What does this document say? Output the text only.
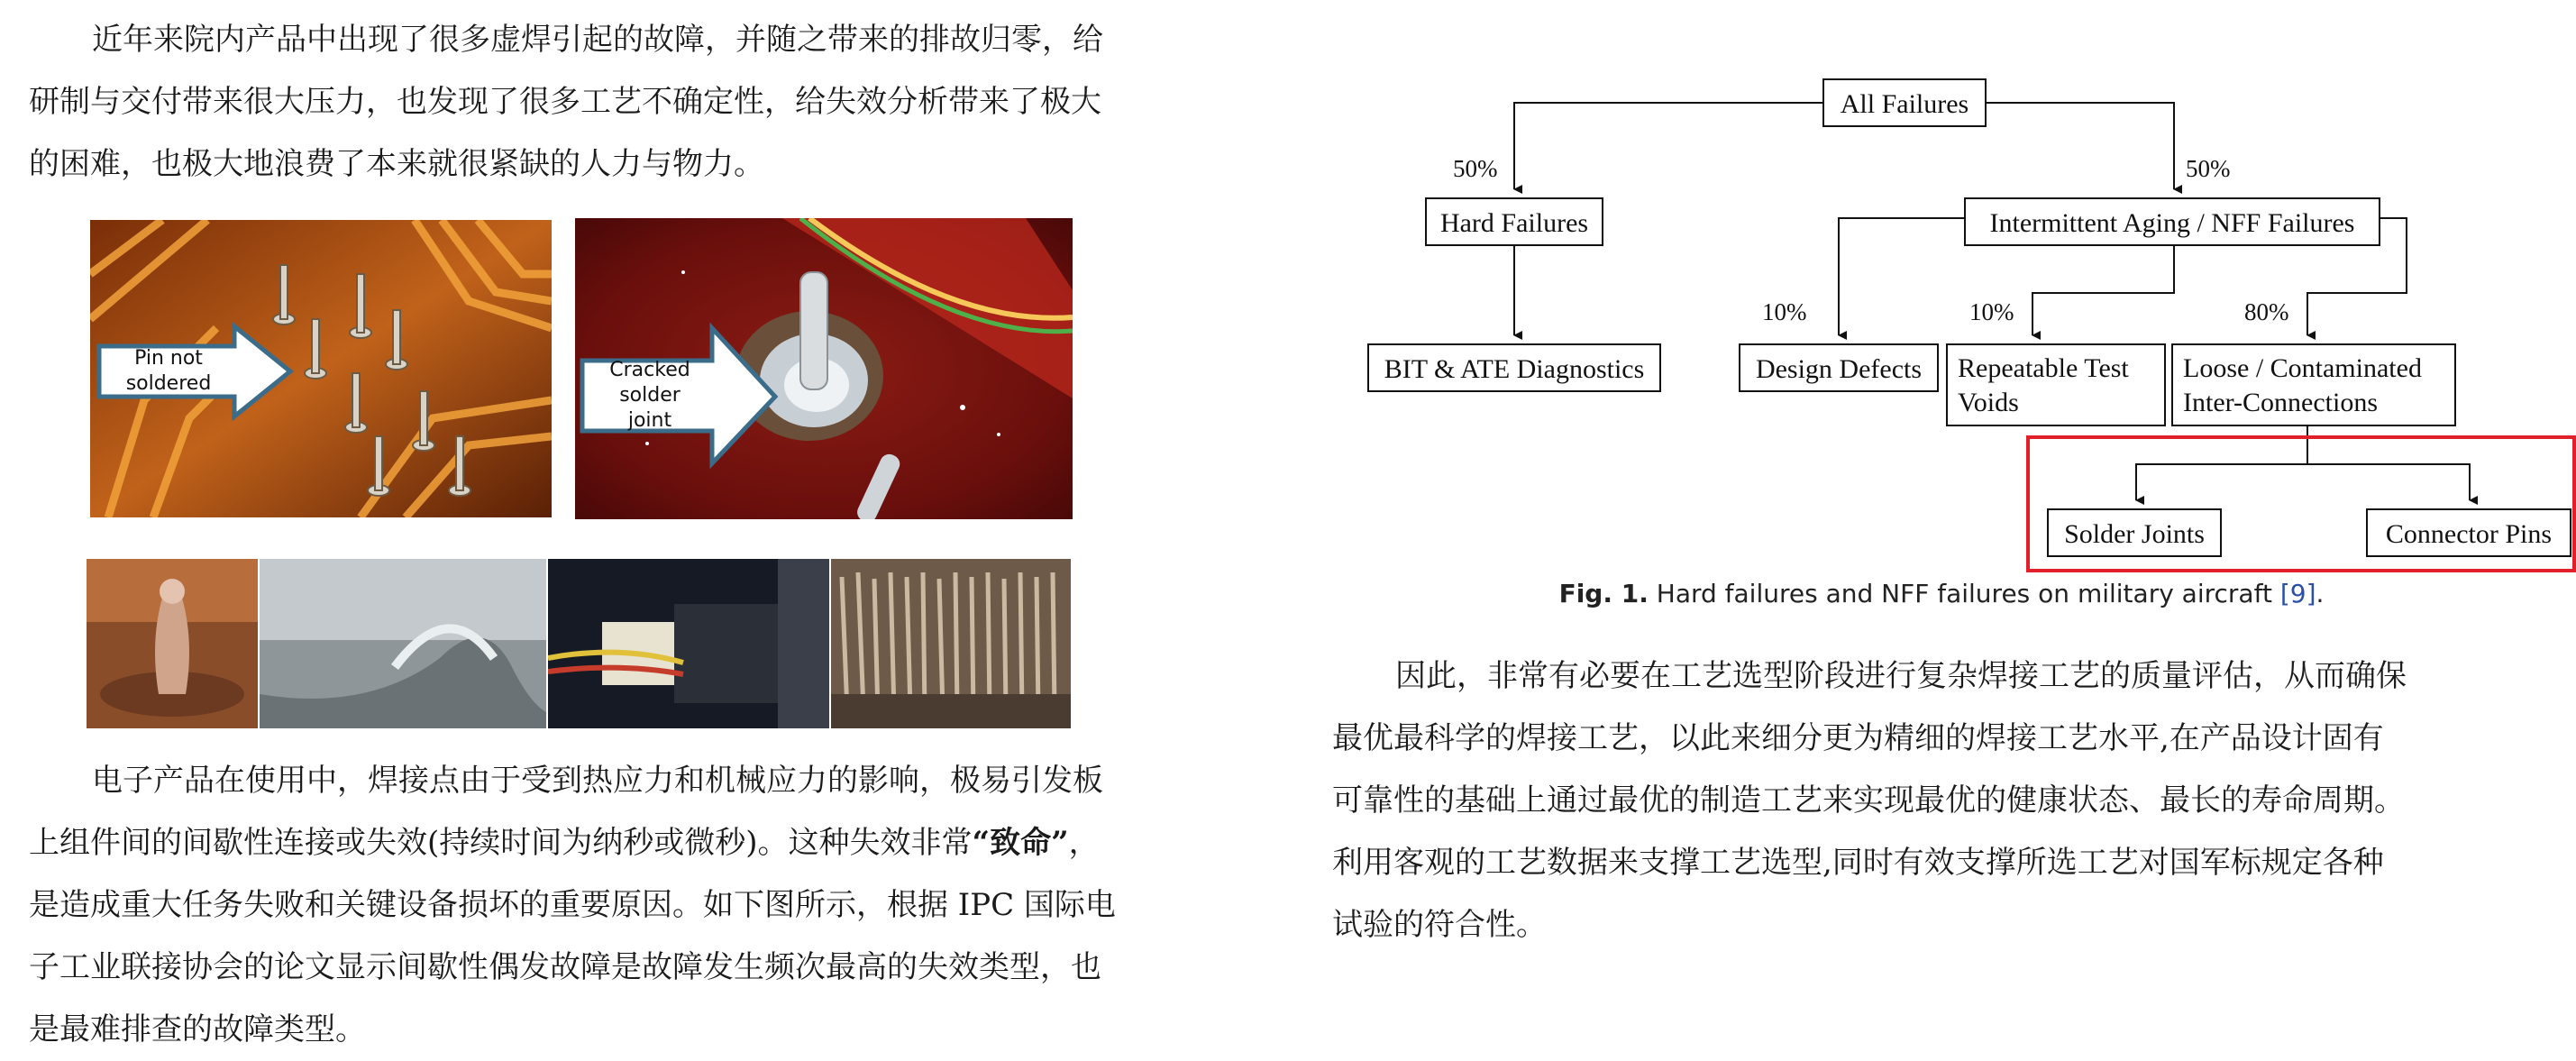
近年来院内产品中出现了很多虚焊引起的故障，并随之带来的排故归零，给
研制与交付带来很大压力，也发现了很多工艺不确定性，给失效分析带来了极大
的困难，也极大地浪费了本来就很紧缺的人力与物力。
Pin not soldered
Cracked solder
joint
电子产品在使用中，焊接点由于受到热应力和机械应力的影响，极易引发板
上组件间的间歇性连接或失效(持续时间为纳秒或微秒)。这种失效非常“致命”，
是造成重大任务失败和关键设备损坏的重要原因。如下图所示，根据 IPC 国际电
子工业联接协会的论文显示间歇性偶发故障是故障发生频次最高的失效类型，也
是最难排查的故障类型。
All Failures
Hard Failures	Intermittent Aging / NFF Failures
BIT & ATE Diagnostics	Design Defects Repeatable Test
Voids
Loose / Contaminated
Inter-Connections
Solder Joints	Connector Pins
50%	50%
10%	10%	80%
Fig. 1. Hard failures and NFF failures on military aircraft [9].
因此，非常有必要在工艺选型阶段进行复杂焊接工艺的质量评估，从而确保
最优最科学的焊接工艺，以此来细分更为精细的焊接工艺水平,在产品设计固有
可靠性的基础上通过最优的制造工艺来实现最优的健康状态、最长的寿命周期。
利用客观的工艺数据来支撑工艺选型,同时有效支撑所选工艺对国军标规定各种
试验的符合性。
